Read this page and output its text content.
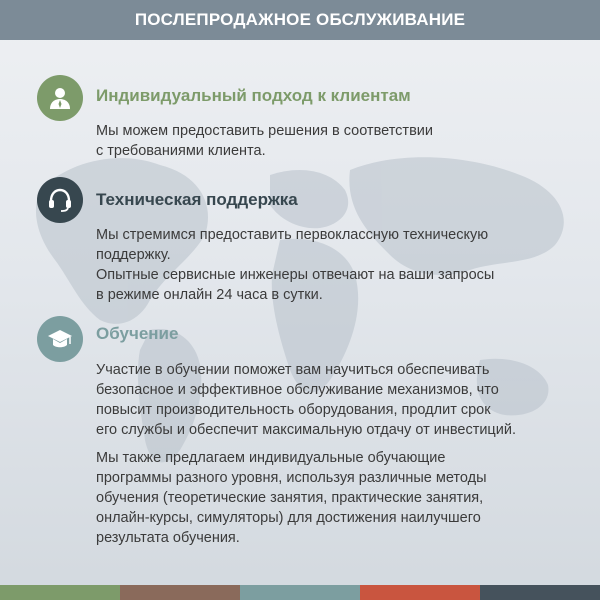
ПОСЛЕПРОДАЖНОЕ ОБСЛУЖИВАНИЕ
Индивидуальный подход к клиентам

Мы можем предоставить решения в соответствии
с требованиями клиента.

Техническая поддержка

Мы стремимся предоставить первоклассную техническую
поддержку.
Опытные сервисные инженеры отвечают на ваши запросы
в режиме онлайн 24 часа в сутки.

Обучение

Участие в обучении поможет вам научиться обеспечивать
безопасное и эффективное обслуживание механизмов, что
повысит производительность оборудования, продлит срок
его службы и обеспечит максимальную отдачу от инвестиций.

Мы также предлагаем индивидуальные обучающие
программы разного уровня, используя различные методы
обучения (теоретические занятия, практические занятия,
онлайн-курсы, симуляторы) для достижения наилучшего
результата обучения.
